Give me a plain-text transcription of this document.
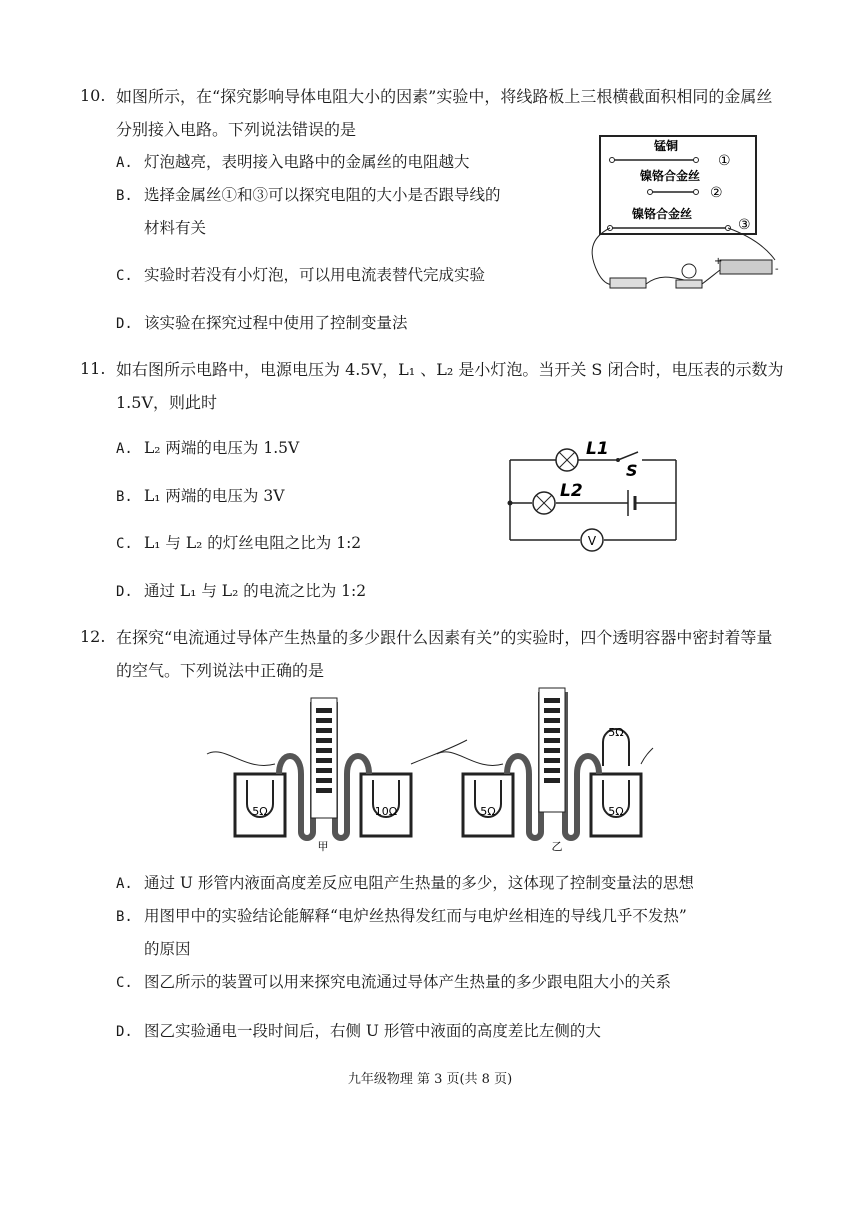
10. 如图所示，在“探究影响导体电阻大小的因素”实验中，将线路板上三根横截面积相同的金属丝分别接入电路。下列说法错误的是
A. 灯泡越亮，表明接入电路中的金属丝的电阻越大
B. 选择金属丝①和③可以探究电阻的大小是否跟导线的
材料有关
C. 实验时若没有小灯泡，可以用电流表替代完成实验
D. 该实验在探究过程中使用了控制变量法
锰铜
①
镍铬合金丝
②
镍铬合金丝
③
+
-
11. 如右图所示电路中，电源电压为 4.5V，L₁ 、L₂ 是小灯泡。当开关 S 闭合时，电压表的示数为 1.5V，则此时
A. L₂ 两端的电压为 1.5V
B. L₁ 两端的电压为 3V
C. L₁ 与 L₂ 的灯丝电阻之比为 1:2
D. 通过 L₁ 与 L₂ 的电流之比为 1:2
L1
S
L2
V
12. 在探究“电流通过导体产生热量的多少跟什么因素有关”的实验时，四个透明容器中密封着等量的空气。下列说法中正确的是
5Ω	10Ω
甲
5Ω	5Ω
5Ω
乙
A. 通过 U 形管内液面高度差反应电阻产生热量的多少，这体现了控制变量法的思想
B. 用图甲中的实验结论能解释“电炉丝热得发红而与电炉丝相连的导线几乎不发热”
的原因
C. 图乙所示的装置可以用来探究电流通过导体产生热量的多少跟电阻大小的关系
D. 图乙实验通电一段时间后，右侧 U 形管中液面的高度差比左侧的大
九年级物理 第 3 页(共 8 页)
